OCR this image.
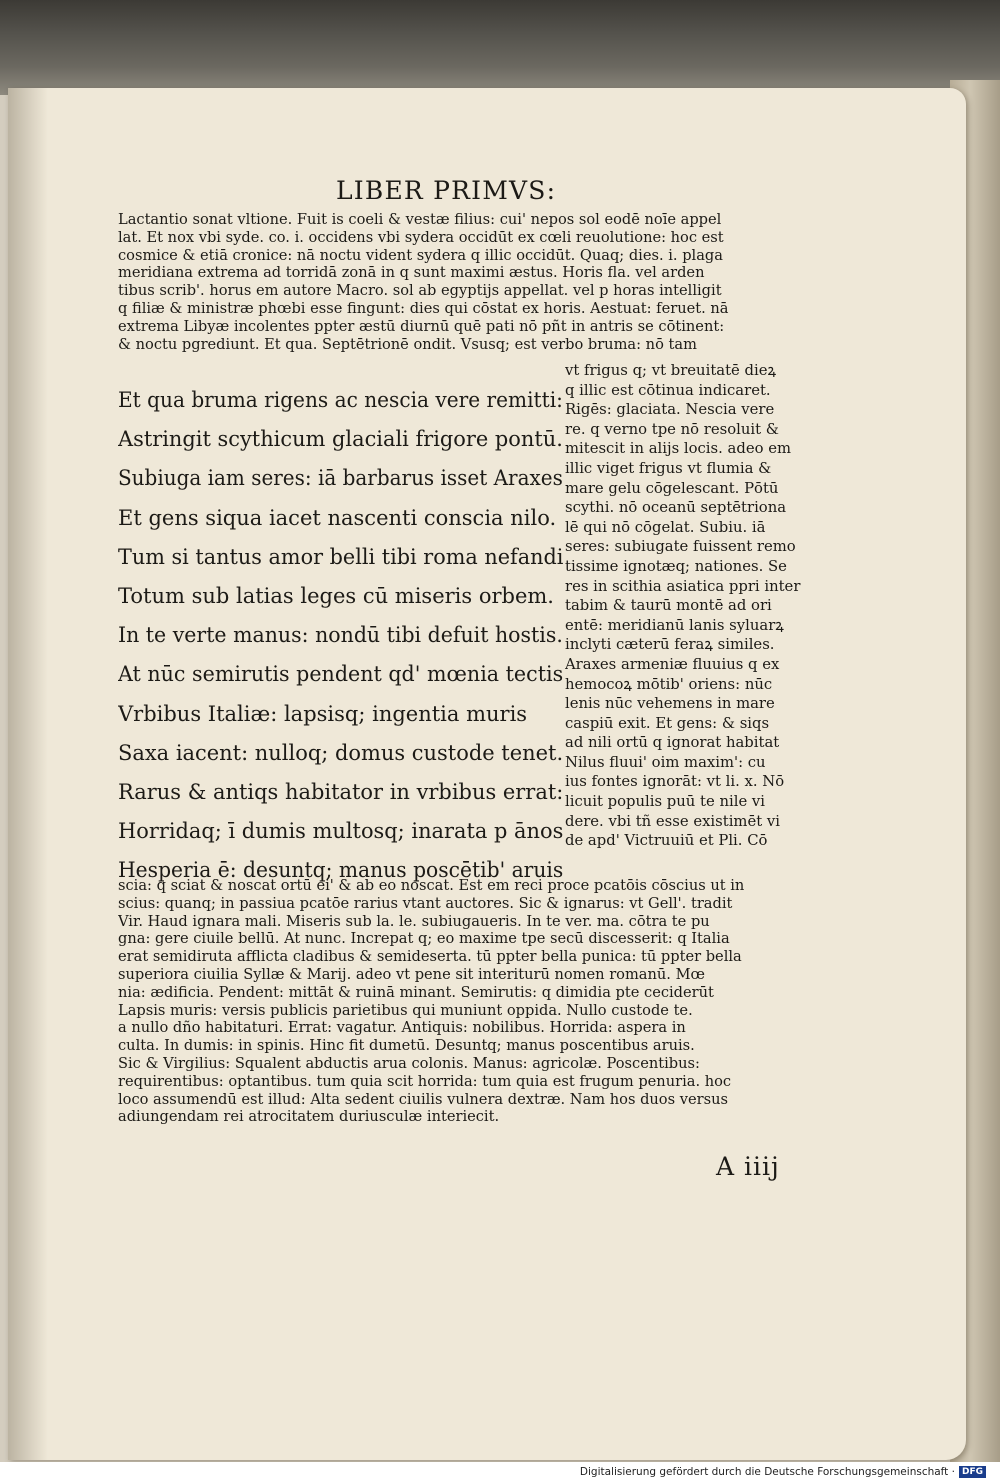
LIBER PRIMVS:
Lactantio sonat vltione. Fuit is coeli & vestæ filius: cui' nepos sol eodē noīe appel
lat. Et nox vbi syde. co. i. occidens vbi sydera occidūt ex cœli reuolutione: hoc est
cosmice & etiā cronice: nā noctu vident sydera q illic occidūt. Quaq; dies. i. plaga
meridiana extrema ad torridā zonā in q sunt maximi æstus. Horis fla. vel arden
tibus scrib'. horus em autore Macro. sol ab egyptijs appellat. vel p horas intelligit
q filiæ & ministræ phœbi esse fingunt: dies qui cōstat ex horis. Aestuat: feruet. nā
extrema Libyæ incolentes ppter æstū diurnū quē pati nō pñt in antris se cōtinent:
& noctu pgrediunt. Et qua. Septētrionē ondit. Vsusq; est verbo bruma: nō tam
Et qua bruma rigens ac nescia vere remitti:
Astringit scythicum glaciali frigore pontū.
Subiuga iam seres: iā barbarus isset Araxes
Et gens siqua iacet nascenti conscia nilo.
Tum si tantus amor belli tibi roma nefandi
Totum sub latias leges cū miseris orbem.
In te verte manus: nondū tibi defuit hostis.
At nūc semirutis pendent qd' mœnia tectis
Vrbibus Italiæ: lapsisq; ingentia muris
Saxa iacent: nulloq; domus custode tenet.
Rarus & antiqs habitator in vrbibus errat:
Horridaq; ī dumis multosq; inarata p ānos
Hesperia ē: desuntq; manus poscētib' aruis
vt frigus q; vt breuitatē dieꝝ
q illic est cōtinua indicaret.
Rigēs: glaciata. Nescia vere
re. q verno tpe nō resoluit &
mitescit in alijs locis. adeo em
illic viget frigus vt flumia &
mare gelu cōgelescant. Pōtū
scythi. nō oceanū septētriona
lē qui nō cōgelat. Subiu. iā
seres: subiugate fuissent remo
tissime ignotæq; nationes. Se
res in scithia asiatica ppri inter
tabim & taurū montē ad ori
entē: meridianū lanis syluarꝝ
inclyti cæterū feraꝝ similes.
Araxes armeniæ fluuius q ex
hemocoꝝ mōtib' oriens: nūc
lenis nūc vehemens in mare
caspiū exit. Et gens: & siqs
ad nili ortū q ignorat habitat
Nilus fluui' oim maxim': cu
ius fontes ignorāt: vt li. x. Nō
licuit populis puū te nile vi
dere. vbi tñ esse existimēt vi
de apd' Victruuiū et Pli. Cō
scia: q sciat & noscat ortū ei' & ab eo noscat. Est em reci proce pcatōis cōscius ut in
scius: quanq; in passiua pcatōe rarius vtant auctores. Sic & ignarus: vt Gell'. tradit
Vir. Haud ignara mali. Miseris sub la. le. subiugaueris. In te ver. ma. cōtra te pu
gna: gere ciuile bellū. At nunc. Increpat q; eo maxime tpe secū discesserit: q Italia
erat semidiruta afflicta cladibus & semideserta. tū ppter bella punica: tū ppter bella
superiora ciuilia Syllæ & Marij. adeo vt pene sit interiturū nomen romanū. Mœ
nia: ædificia. Pendent: mittāt & ruinā minant. Semirutis: q dimidia pte ceciderūt
Lapsis muris: versis publicis parietibus qui muniunt oppida. Nullo custode te.
a nullo dño habitaturi. Errat: vagatur. Antiquis: nobilibus. Horrida: aspera in
culta. In dumis: in spinis. Hinc fit dumetū. Desuntq; manus poscentibus aruis.
Sic & Virgilius: Squalent abductis arua colonis. Manus: agricolæ. Poscentibus:
requirentibus: optantibus. tum quia scit horrida: tum quia est frugum penuria. hoc
loco assumendū est illud: Alta sedent ciuilis vulnera dextræ. Nam hos duos versus
adiungendam rei atrocitatem duriusculæ interiecit.
A iiij
Digitalisierung gefördert durch die Deutsche Forschungsgemeinschaft · DFG
